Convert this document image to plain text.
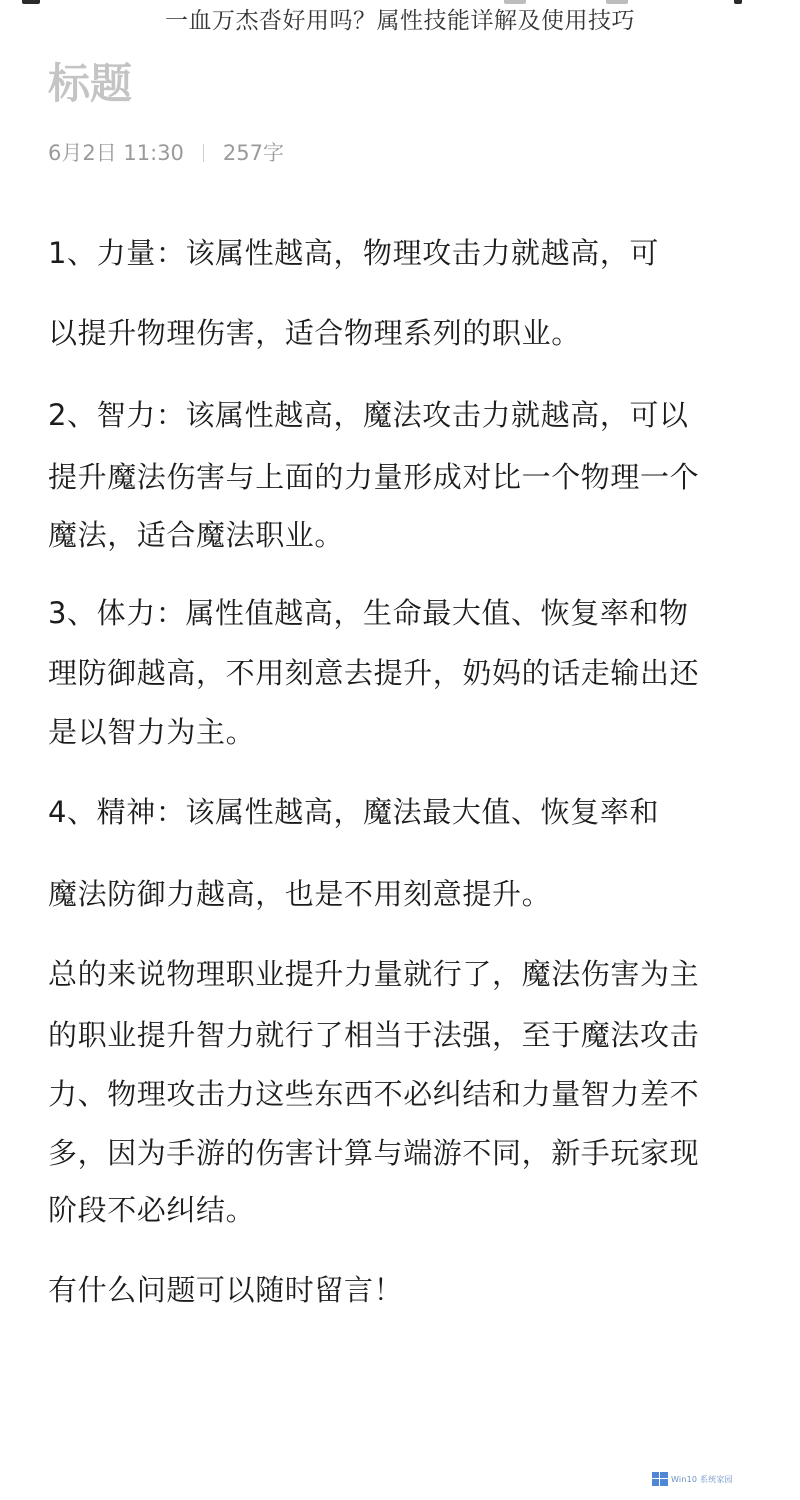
一血万杰沓好用吗？属性技能详解及使用技巧
标题
6月2日 11:30 257字
1、力量：该属性越高，物理攻击力就越高，可
以提升物理伤害，适合物理系列的职业。
2、智力：该属性越高，魔法攻击力就越高，可以
提升魔法伤害与上面的力量形成对比一个物理一个
魔法，适合魔法职业。
3、体力：属性值越高，生命最大值、恢复率和物
理防御越高，不用刻意去提升，奶妈的话走输出还
是以智力为主。
4、精神：该属性越高，魔法最大值、恢复率和
魔法防御力越高，也是不用刻意提升。
总的来说物理职业提升力量就行了，魔法伤害为主
的职业提升智力就行了相当于法强，至于魔法攻击
力、物理攻击力这些东西不必纠结和力量智力差不
多，因为手游的伤害计算与端游不同，新手玩家现
阶段不必纠结。
有什么问题可以随时留言！
Win10 系统家园
